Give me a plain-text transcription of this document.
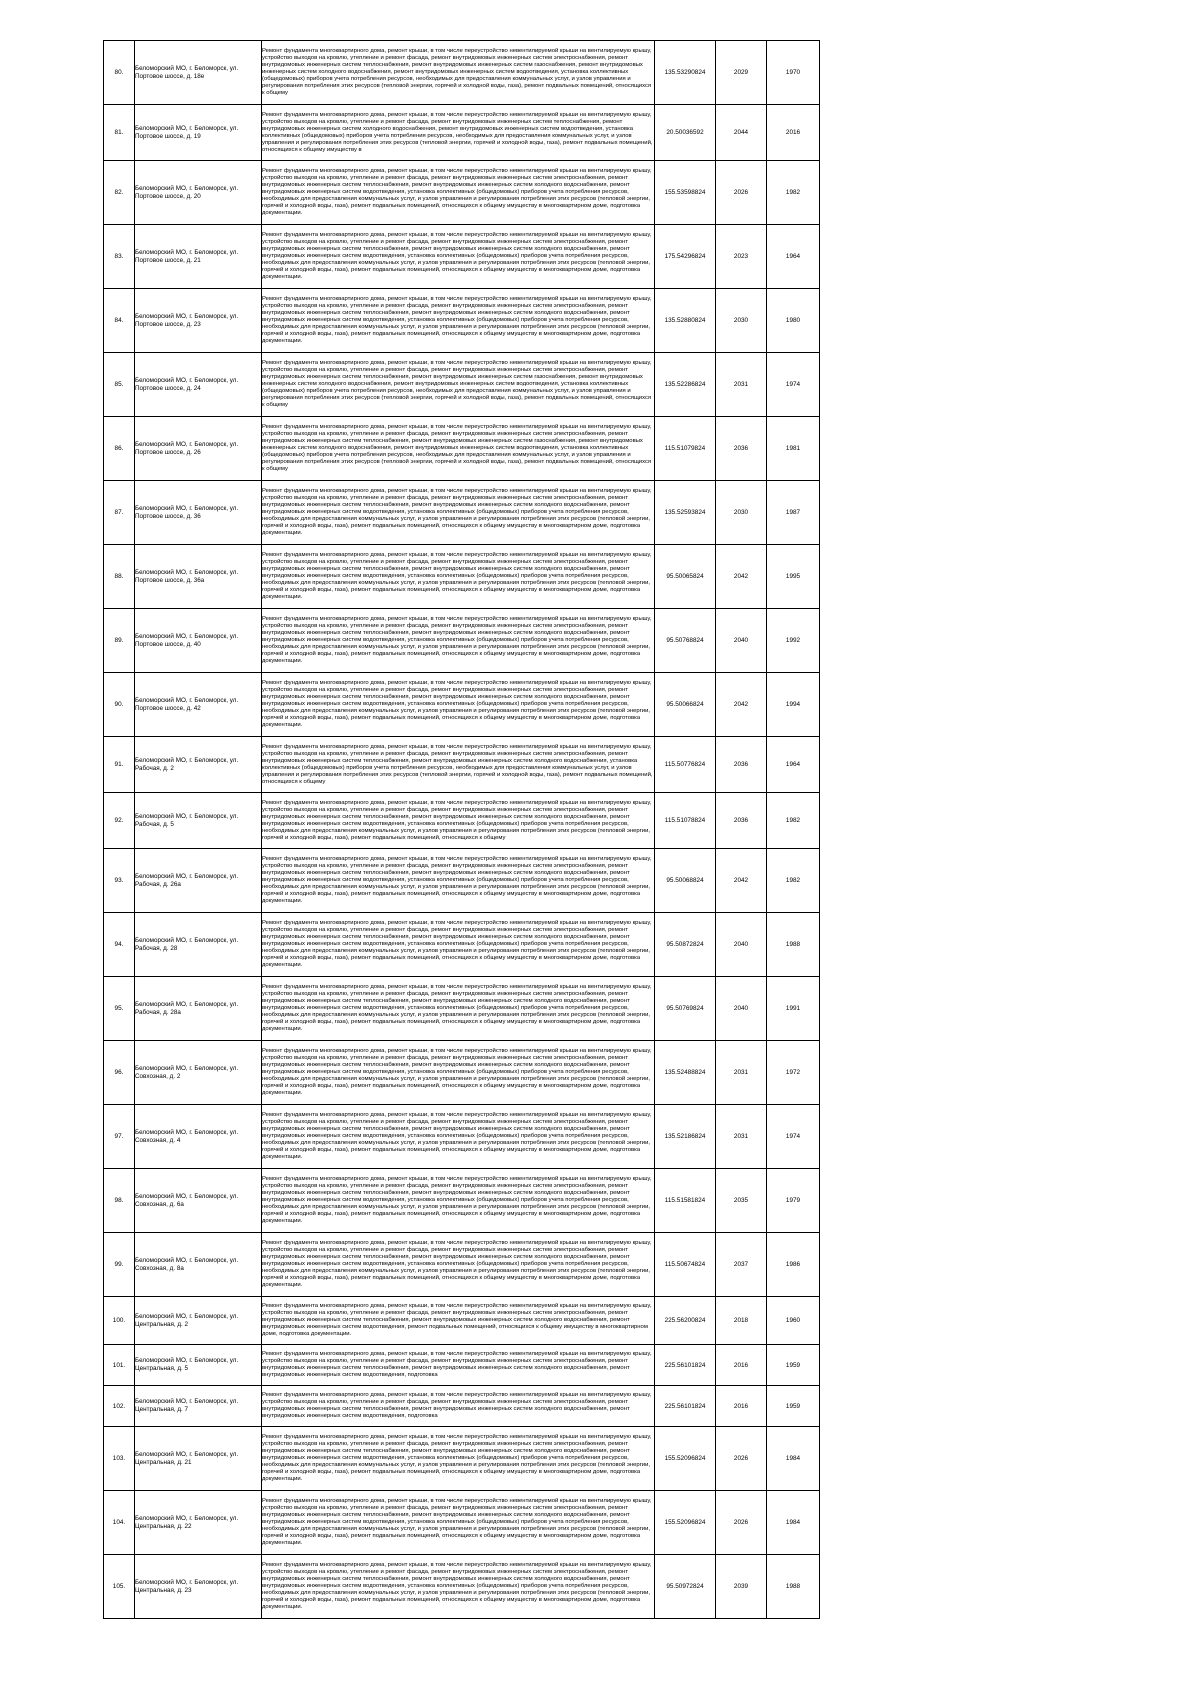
80.	Беломорский МО, г. Беломорск, ул. Портовое шоссе, д. 18е	Ремонт фундамента многоквартирного дома, ремонт крыши, в том числе переустройство невентилируемой крыши на вентилируемую крышу, устройство выходов на кровлю, утепление и ремонт фасада, ремонт внутридомовых инженерных систем электроснабжения, ремонт внутридомовых инженерных систем теплоснабжения, ремонт внутридомовых инженерных систем газоснабжения, ремонт внутридомовых инженерных систем холодного водоснабжения, ремонт внутридомовых инженерных систем водоотведения, установка коллективных (общедомовых) приборов учета потребления ресурсов, необходимых для предоставления коммунальных услуг, и узлов управления и регулирования потребления этих ресурсов (тепловой энергии, горячей и холодной воды, газа), ремонт подвальных помещений, относящихся к общему	135.53290824	2029	1970
81.	Беломорский МО, г. Беломорск, ул. Портовое шоссе, д. 19	Ремонт фундамента многоквартирного дома, ремонт крыши, в том числе переустройство невентилируемой крыши на вентилируемую крышу, устройство выходов на кровлю, утепление и ремонт фасада, ремонт внутридомовых инженерных систем теплоснабжения, ремонт внутридомовых инженерных систем холодного водоснабжения, ремонт внутридомовых инженерных систем водоотведения, установка коллективных (общедомовых) приборов учета потребления ресурсов, необходимых для предоставления коммунальных услуг, и узлов управления и регулирования потребления этих ресурсов (тепловой энергии, горячей и холодной воды, газа), ремонт подвальных помещений, относящихся к общему имуществу в	20.50036592	2044	2016
82.	Беломорский МО, г. Беломорск, ул. Портовое шоссе, д. 20	Ремонт фундамента многоквартирного дома, ремонт крыши, в том числе переустройство невентилируемой крыши на вентилируемую крышу, устройство выходов на кровлю, утепление и ремонт фасада, ремонт внутридомовых инженерных систем электроснабжения, ремонт внутридомовых инженерных систем теплоснабжения, ремонт внутридомовых инженерных систем холодного водоснабжения, ремонт внутридомовых инженерных систем водоотведения, установка коллективных (общедомовых) приборов учета потребления ресурсов, необходимых для предоставления коммунальных услуг, и узлов управления и регулирования потребления этих ресурсов (тепловой энергии, горячей и холодной воды, газа), ремонт подвальных помещений, относящихся к общему имуществу в многоквартирном доме, подготовка документации.	155.53598824	2026	1982
83.	Беломорский МО, г. Беломорск, ул. Портовое шоссе, д. 21	Ремонт фундамента многоквартирного дома, ремонт крыши, в том числе переустройство невентилируемой крыши на вентилируемую крышу, устройство выходов на кровлю, утепление и ремонт фасада, ремонт внутридомовых инженерных систем электроснабжения, ремонт внутридомовых инженерных систем теплоснабжения, ремонт внутридомовых инженерных систем холодного водоснабжения, ремонт внутридомовых инженерных систем водоотведения, установка коллективных (общедомовых) приборов учета потребления ресурсов, необходимых для предоставления коммунальных услуг, и узлов управления и регулирования потребления этих ресурсов (тепловой энергии, горячей и холодной воды, газа), ремонт подвальных помещений, относящихся к общему имуществу в многоквартирном доме, подготовка документации.	175.54296824	2023	1964
84.	Беломорский МО, г. Беломорск, ул. Портовое шоссе, д. 23	Ремонт фундамента многоквартирного дома, ремонт крыши, в том числе переустройство невентилируемой крыши на вентилируемую крышу, устройство выходов на кровлю, утепление и ремонт фасада, ремонт внутридомовых инженерных систем электроснабжения, ремонт внутридомовых инженерных систем теплоснабжения, ремонт внутридомовых инженерных систем холодного водоснабжения, ремонт внутридомовых инженерных систем водоотведения, установка коллективных (общедомовых) приборов учета потребления ресурсов, необходимых для предоставления коммунальных услуг, и узлов управления и регулирования потребления этих ресурсов (тепловой энергии, горячей и холодной воды, газа), ремонт подвальных помещений, относящихся к общему имуществу в многоквартирном доме, подготовка документации.	135.52880824	2030	1980
85.	Беломорский МО, г. Беломорск, ул. Портовое шоссе, д. 24	Ремонт фундамента многоквартирного дома, ремонт крыши, в том числе переустройство невентилируемой крыши на вентилируемую крышу, устройство выходов на кровлю, утепление и ремонт фасада, ремонт внутридомовых инженерных систем электроснабжения, ремонт внутридомовых инженерных систем теплоснабжения, ремонт внутридомовых инженерных систем газоснабжения, ремонт внутридомовых инженерных систем холодного водоснабжения, ремонт внутридомовых инженерных систем водоотведения, установка коллективных (общедомовых) приборов учета потребления ресурсов, необходимых для предоставления коммунальных услуг, и узлов управления и регулирования потребления этих ресурсов (тепловой энергии, горячей и холодной воды, газа), ремонт подвальных помещений, относящихся к общему	135.52286824	2031	1974
86.	Беломорский МО, г. Беломорск, ул. Портовое шоссе, д. 26	Ремонт фундамента многоквартирного дома, ремонт крыши, в том числе переустройство невентилируемой крыши на вентилируемую крышу, устройство выходов на кровлю, утепление и ремонт фасада, ремонт внутридомовых инженерных систем электроснабжения, ремонт внутридомовых инженерных систем теплоснабжения, ремонт внутридомовых инженерных систем газоснабжения, ремонт внутридомовых инженерных систем холодного водоснабжения, ремонт внутридомовых инженерных систем водоотведения, установка коллективных (общедомовых) приборов учета потребления ресурсов, необходимых для предоставления коммунальных услуг, и узлов управления и регулирования потребления этих ресурсов (тепловой энергии, горячей и холодной воды, газа), ремонт подвальных помещений, относящихся к общему	115.51079824	2036	1981
87.	Беломорский МО, г. Беломорск, ул. Портовое шоссе, д. 36	Ремонт фундамента многоквартирного дома, ремонт крыши, в том числе переустройство невентилируемой крыши на вентилируемую крышу, устройство выходов на кровлю, утепление и ремонт фасада, ремонт внутридомовых инженерных систем электроснабжения, ремонт внутридомовых инженерных систем теплоснабжения, ремонт внутридомовых инженерных систем холодного водоснабжения, ремонт внутридомовых инженерных систем водоотведения, установка коллективных (общедомовых) приборов учета потребления ресурсов, необходимых для предоставления коммунальных услуг, и узлов управления и регулирования потребления этих ресурсов (тепловой энергии, горячей и холодной воды, газа), ремонт подвальных помещений, относящихся к общему имуществу в многоквартирном доме, подготовка документации.	135.52593824	2030	1987
88.	Беломорский МО, г. Беломорск, ул. Портовое шоссе, д. 36а	Ремонт фундамента многоквартирного дома, ремонт крыши, в том числе переустройство невентилируемой крыши на вентилируемую крышу, устройство выходов на кровлю, утепление и ремонт фасада, ремонт внутридомовых инженерных систем электроснабжения, ремонт внутридомовых инженерных систем теплоснабжения, ремонт внутридомовых инженерных систем холодного водоснабжения, ремонт внутридомовых инженерных систем водоотведения, установка коллективных (общедомовых) приборов учета потребления ресурсов, необходимых для предоставления коммунальных услуг, и узлов управления и регулирования потребления этих ресурсов (тепловой энергии, горячей и холодной воды, газа), ремонт подвальных помещений, относящихся к общему имуществу в многоквартирном доме, подготовка документации.	95.50065824	2042	1995
89.	Беломорский МО, г. Беломорск, ул. Портовое шоссе, д. 40	Ремонт фундамента многоквартирного дома, ремонт крыши, в том числе переустройство невентилируемой крыши на вентилируемую крышу, устройство выходов на кровлю, утепление и ремонт фасада, ремонт внутридомовых инженерных систем электроснабжения, ремонт внутридомовых инженерных систем теплоснабжения, ремонт внутридомовых инженерных систем холодного водоснабжения, ремонт внутридомовых инженерных систем водоотведения, установка коллективных (общедомовых) приборов учета потребления ресурсов, необходимых для предоставления коммунальных услуг, и узлов управления и регулирования потребления этих ресурсов (тепловой энергии, горячей и холодной воды, газа), ремонт подвальных помещений, относящихся к общему имуществу в многоквартирном доме, подготовка документации.	95.50768824	2040	1992
90.	Беломорский МО, г. Беломорск, ул. Портовое шоссе, д. 42	Ремонт фундамента многоквартирного дома, ремонт крыши, в том числе переустройство невентилируемой крыши на вентилируемую крышу, устройство выходов на кровлю, утепление и ремонт фасада, ремонт внутридомовых инженерных систем электроснабжения, ремонт внутридомовых инженерных систем теплоснабжения, ремонт внутридомовых инженерных систем холодного водоснабжения, ремонт внутридомовых инженерных систем водоотведения, установка коллективных (общедомовых) приборов учета потребления ресурсов, необходимых для предоставления коммунальных услуг, и узлов управления и регулирования потребления этих ресурсов (тепловой энергии, горячей и холодной воды, газа), ремонт подвальных помещений, относящихся к общему имуществу в многоквартирном доме, подготовка документации.	95.50066824	2042	1994
91.	Беломорский МО, г. Беломорск, ул. Рабочая, д. 2	Ремонт фундамента многоквартирного дома, ремонт крыши, в том числе переустройство невентилируемой крыши на вентилируемую крышу, устройство выходов на кровлю, утепление и ремонт фасада, ремонт внутридомовых инженерных систем электроснабжения, ремонт внутридомовых инженерных систем теплоснабжения, ремонт внутридомовых инженерных систем холодного водоснабжения, установка коллективных (общедомовых) приборов учета потребления ресурсов, необходимых для предоставления коммунальных услуг, и узлов управления и регулирования потребления этих ресурсов (тепловой энергии, горячей и холодной воды, газа), ремонт подвальных помещений, относящихся к общему	115.50776824	2036	1964
92.	Беломорский МО, г. Беломорск, ул. Рабочая, д. 5	Ремонт фундамента многоквартирного дома, ремонт крыши, в том числе переустройство невентилируемой крыши на вентилируемую крышу, устройство выходов на кровлю, утепление и ремонт фасада, ремонт внутридомовых инженерных систем электроснабжения, ремонт внутридомовых инженерных систем теплоснабжения, ремонт внутридомовых инженерных систем холодного водоснабжения, ремонт внутридомовых инженерных систем водоотведения, установка коллективных (общедомовых) приборов учета потребления ресурсов, необходимых для предоставления коммунальных услуг, и узлов управления и регулирования потребления этих ресурсов (тепловой энергии, горячей и холодной воды, газа), ремонт подвальных помещений, относящихся к общему	115.51078824	2036	1982
93.	Беломорский МО, г. Беломорск, ул. Рабочая, д. 26а	Ремонт фундамента многоквартирного дома, ремонт крыши, в том числе переустройство невентилируемой крыши на вентилируемую крышу, устройство выходов на кровлю, утепление и ремонт фасада, ремонт внутридомовых инженерных систем электроснабжения, ремонт внутридомовых инженерных систем теплоснабжения, ремонт внутридомовых инженерных систем холодного водоснабжения, ремонт внутридомовых инженерных систем водоотведения, установка коллективных (общедомовых) приборов учета потребления ресурсов, необходимых для предоставления коммунальных услуг, и узлов управления и регулирования потребления этих ресурсов (тепловой энергии, горячей и холодной воды, газа), ремонт подвальных помещений, относящихся к общему имуществу в многоквартирном доме, подготовка документации.	95.50068824	2042	1982
94.	Беломорский МО, г. Беломорск, ул. Рабочая, д. 28	Ремонт фундамента многоквартирного дома, ремонт крыши, в том числе переустройство невентилируемой крыши на вентилируемую крышу, устройство выходов на кровлю, утепление и ремонт фасада, ремонт внутридомовых инженерных систем электроснабжения, ремонт внутридомовых инженерных систем теплоснабжения, ремонт внутридомовых инженерных систем холодного водоснабжения, ремонт внутридомовых инженерных систем водоотведения, установка коллективных (общедомовых) приборов учета потребления ресурсов, необходимых для предоставления коммунальных услуг, и узлов управления и регулирования потребления этих ресурсов (тепловой энергии, горячей и холодной воды, газа), ремонт подвальных помещений, относящихся к общему имуществу в многоквартирном доме, подготовка документации.	95.50872824	2040	1988
95.	Беломорский МО, г. Беломорск, ул. Рабочая, д. 28а	Ремонт фундамента многоквартирного дома, ремонт крыши, в том числе переустройство невентилируемой крыши на вентилируемую крышу, устройство выходов на кровлю, утепление и ремонт фасада, ремонт внутридомовых инженерных систем электроснабжения, ремонт внутридомовых инженерных систем теплоснабжения, ремонт внутридомовых инженерных систем холодного водоснабжения, ремонт внутридомовых инженерных систем водоотведения, установка коллективных (общедомовых) приборов учета потребления ресурсов, необходимых для предоставления коммунальных услуг, и узлов управления и регулирования потребления этих ресурсов (тепловой энергии, горячей и холодной воды, газа), ремонт подвальных помещений, относящихся к общему имуществу в многоквартирном доме, подготовка документации.	95.50769824	2040	1991
96.	Беломорский МО, г. Беломорск, ул. Совхозная, д. 2	Ремонт фундамента многоквартирного дома, ремонт крыши, в том числе переустройство невентилируемой крыши на вентилируемую крышу, устройство выходов на кровлю, утепление и ремонт фасада, ремонт внутридомовых инженерных систем электроснабжения, ремонт внутридомовых инженерных систем теплоснабжения, ремонт внутридомовых инженерных систем холодного водоснабжения, ремонт внутридомовых инженерных систем водоотведения, установка коллективных (общедомовых) приборов учета потребления ресурсов, необходимых для предоставления коммунальных услуг, и узлов управления и регулирования потребления этих ресурсов (тепловой энергии, горячей и холодной воды, газа), ремонт подвальных помещений, относящихся к общему имуществу в многоквартирном доме, подготовка документации.	135.52488824	2031	1972
97.	Беломорский МО, г. Беломорск, ул. Совхозная, д. 4	Ремонт фундамента многоквартирного дома, ремонт крыши, в том числе переустройство невентилируемой крыши на вентилируемую крышу, устройство выходов на кровлю, утепление и ремонт фасада, ремонт внутридомовых инженерных систем электроснабжения, ремонт внутридомовых инженерных систем теплоснабжения, ремонт внутридомовых инженерных систем холодного водоснабжения, ремонт внутридомовых инженерных систем водоотведения, установка коллективных (общедомовых) приборов учета потребления ресурсов, необходимых для предоставления коммунальных услуг, и узлов управления и регулирования потребления этих ресурсов (тепловой энергии, горячей и холодной воды, газа), ремонт подвальных помещений, относящихся к общему имуществу в многоквартирном доме, подготовка документации.	135.52186824	2031	1974
98.	Беломорский МО, г. Беломорск, ул. Совхозная, д. 6а	Ремонт фундамента многоквартирного дома, ремонт крыши, в том числе переустройство невентилируемой крыши на вентилируемую крышу, устройство выходов на кровлю, утепление и ремонт фасада, ремонт внутридомовых инженерных систем электроснабжения, ремонт внутридомовых инженерных систем теплоснабжения, ремонт внутридомовых инженерных систем холодного водоснабжения, ремонт внутридомовых инженерных систем водоотведения, установка коллективных (общедомовых) приборов учета потребления ресурсов, необходимых для предоставления коммунальных услуг, и узлов управления и регулирования потребления этих ресурсов (тепловой энергии, горячей и холодной воды, газа), ремонт подвальных помещений, относящихся к общему имуществу в многоквартирном доме, подготовка документации.	115.51581824	2035	1979
99.	Беломорский МО, г. Беломорск, ул. Совхозная, д. 8а	Ремонт фундамента многоквартирного дома, ремонт крыши, в том числе переустройство невентилируемой крыши на вентилируемую крышу, устройство выходов на кровлю, утепление и ремонт фасада, ремонт внутридомовых инженерных систем электроснабжения, ремонт внутридомовых инженерных систем теплоснабжения, ремонт внутридомовых инженерных систем холодного водоснабжения, ремонт внутридомовых инженерных систем водоотведения, установка коллективных (общедомовых) приборов учета потребления ресурсов, необходимых для предоставления коммунальных услуг, и узлов управления и регулирования потребления этих ресурсов (тепловой энергии, горячей и холодной воды, газа), ремонт подвальных помещений, относящихся к общему имуществу в многоквартирном доме, подготовка документации.	115.50674824	2037	1986
100.	Беломорский МО, г. Беломорск, ул. Центральная, д. 2	Ремонт фундамента многоквартирного дома, ремонт крыши, в том числе переустройство невентилируемой крыши на вентилируемую крышу, устройство выходов на кровлю, утепление и ремонт фасада, ремонт внутридомовых инженерных систем электроснабжения, ремонт внутридомовых инженерных систем теплоснабжения, ремонт внутридомовых инженерных систем холодного водоснабжения, ремонт внутридомовых инженерных систем водоотведения, ремонт подвальных помещений, относящихся к общему имуществу в многоквартирном доме, подготовка документации.	225.56200824	2018	1960
101.	Беломорский МО, г. Беломорск, ул. Центральная, д. 5	Ремонт фундамента многоквартирного дома, ремонт крыши, в том числе переустройство невентилируемой крыши на вентилируемую крышу, устройство выходов на кровлю, утепление и ремонт фасада, ремонт внутридомовых инженерных систем электроснабжения, ремонт внутридомовых инженерных систем теплоснабжения, ремонт внутридомовых инженерных систем холодного водоснабжения, ремонт внутридомовых инженерных систем водоотведения, подготовка	225.56101824	2016	1959
102.	Беломорский МО, г. Беломорск, ул. Центральная, д. 7	Ремонт фундамента многоквартирного дома, ремонт крыши, в том числе переустройство невентилируемой крыши на вентилируемую крышу, устройство выходов на кровлю, утепление и ремонт фасада, ремонт внутридомовых инженерных систем электроснабжения, ремонт внутридомовых инженерных систем теплоснабжения, ремонт внутридомовых инженерных систем холодного водоснабжения, ремонт внутридомовых инженерных систем водоотведения, подготовка	225.56101824	2016	1959
103.	Беломорский МО, г. Беломорск, ул. Центральная, д. 21	Ремонт фундамента многоквартирного дома, ремонт крыши, в том числе переустройство невентилируемой крыши на вентилируемую крышу, устройство выходов на кровлю, утепление и ремонт фасада, ремонт внутридомовых инженерных систем электроснабжения, ремонт внутридомовых инженерных систем теплоснабжения, ремонт внутридомовых инженерных систем холодного водоснабжения, ремонт внутридомовых инженерных систем водоотведения, установка коллективных (общедомовых) приборов учета потребления ресурсов, необходимых для предоставления коммунальных услуг, и узлов управления и регулирования потребления этих ресурсов (тепловой энергии, горячей и холодной воды, газа), ремонт подвальных помещений, относящихся к общему имуществу в многоквартирном доме, подготовка документации.	155.52096824	2026	1984
104.	Беломорский МО, г. Беломорск, ул. Центральная, д. 22	Ремонт фундамента многоквартирного дома, ремонт крыши, в том числе переустройство невентилируемой крыши на вентилируемую крышу, устройство выходов на кровлю, утепление и ремонт фасада, ремонт внутридомовых инженерных систем электроснабжения, ремонт внутридомовых инженерных систем теплоснабжения, ремонт внутридомовых инженерных систем холодного водоснабжения, ремонт внутридомовых инженерных систем водоотведения, установка коллективных (общедомовых) приборов учета потребления ресурсов, необходимых для предоставления коммунальных услуг, и узлов управления и регулирования потребления этих ресурсов (тепловой энергии, горячей и холодной воды, газа), ремонт подвальных помещений, относящихся к общему имуществу в многоквартирном доме, подготовка документации.	155.52096824	2026	1984
105.	Беломорский МО, г. Беломорск, ул. Центральная, д. 23	Ремонт фундамента многоквартирного дома, ремонт крыши, в том числе переустройство невентилируемой крыши на вентилируемую крышу, устройство выходов на кровлю, утепление и ремонт фасада, ремонт внутридомовых инженерных систем электроснабжения, ремонт внутридомовых инженерных систем теплоснабжения, ремонт внутридомовых инженерных систем холодного водоснабжения, ремонт внутридомовых инженерных систем водоотведения, установка коллективных (общедомовых) приборов учета потребления ресурсов, необходимых для предоставления коммунальных услуг, и узлов управления и регулирования потребления этих ресурсов (тепловой энергии, горячей и холодной воды, газа), ремонт подвальных помещений, относящихся к общему имуществу в многоквартирном доме, подготовка документации.	95.50972824	2039	1988
